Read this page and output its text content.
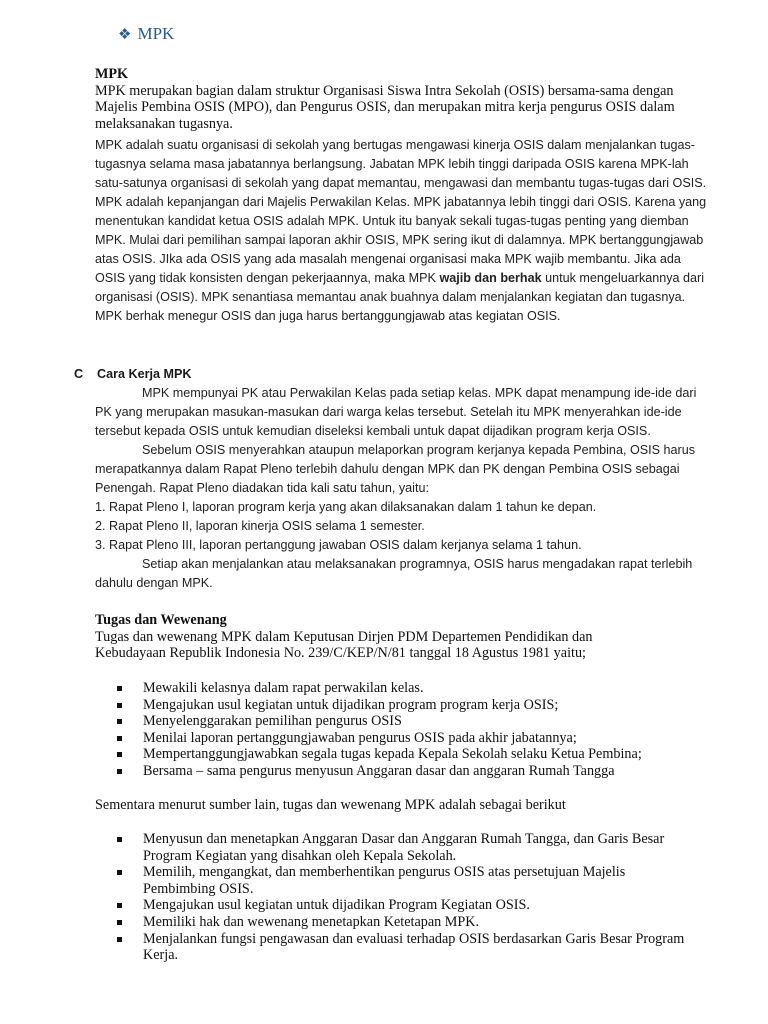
❖ MPK

MPK

MPK merupakan bagian dalam struktur Organisasi Siswa Intra Sekolah (OSIS) bersama-sama dengan Majelis Pembina OSIS (MPO), dan Pengurus OSIS, dan merupakan mitra kerja pengurus OSIS dalam melaksanakan tugasnya.

MPK adalah suatu organisasi di sekolah yang bertugas mengawasi kinerja OSIS dalam menjalankan tugas-tugasnya selama masa jabatannya berlangsung. Jabatan MPK lebih tinggi daripada OSIS karena MPK-lah satu-satunya organisasi di sekolah yang dapat memantau, mengawasi dan membantu tugas-tugas dari OSIS.

MPK adalah kepanjangan dari Majelis Perwakilan Kelas. MPK jabatannya lebih tinggi dari OSIS. Karena yang menentukan kandidat ketua OSIS adalah MPK. Untuk itu banyak sekali tugas-tugas penting yang diemban MPK. Mulai dari pemilihan sampai laporan akhir OSIS, MPK sering ikut di dalamnya. MPK bertanggungjawab atas OSIS. JIka ada OSIS yang ada masalah mengenai organisasi maka MPK wajib membantu. Jika ada OSIS yang tidak konsisten dengan pekerjaannya, maka MPK wajib dan berhak untuk mengeluarkannya dari organisasi (OSIS). MPK senantiasa memantau anak buahnya dalam menjalankan kegiatan dan tugasnya. MPK berhak menegur OSIS dan juga harus bertanggungjawab atas kegiatan OSIS.

C Cara Kerja MPK

MPK mempunyai PK atau Perwakilan Kelas pada setiap kelas. MPK dapat menampung ide-ide dari PK yang merupakan masukan-masukan dari warga kelas tersebut. Setelah itu MPK menyerahkan ide-ide tersebut kepada OSIS untuk kemudian diseleksi kembali untuk dapat dijadikan program kerja OSIS.

Sebelum OSIS menyerahkan ataupun melaporkan program kerjanya kepada Pembina, OSIS harus merapatkannya dalam Rapat Pleno terlebih dahulu dengan MPK dan PK dengan Pembina OSIS sebagai Penengah. Rapat Pleno diadakan tida kali satu tahun, yaitu:

1. Rapat Pleno I, laporan program kerja yang akan dilaksanakan dalam 1 tahun ke depan.

2. Rapat Pleno II, laporan kinerja OSIS selama 1 semester.

3. Rapat Pleno III, laporan pertanggung jawaban OSIS dalam kerjanya selama 1 tahun.

Setiap akan menjalankan atau melaksanakan programnya, OSIS harus mengadakan rapat terlebih dahulu dengan MPK.

Tugas dan Wewenang

Tugas dan wewenang MPK dalam Keputusan Dirjen PDM Departemen Pendidikan dan Kebudayaan Republik Indonesia No. 239/C/KEP/N/81 tanggal 18 Agustus 1981 yaitu;

Mewakili kelasnya dalam rapat perwakilan kelas.
Mengajukan usul kegiatan untuk dijadikan program program kerja OSIS;
Menyelenggarakan pemilihan pengurus OSIS
Menilai laporan pertanggungjawaban pengurus OSIS pada akhir jabatannya;
Mempertanggungjawabkan segala tugas kepada Kepala Sekolah selaku Ketua Pembina;
Bersama – sama pengurus menyusun Anggaran dasar dan anggaran Rumah Tangga

Sementara menurut sumber lain, tugas dan wewenang MPK adalah sebagai berikut

Menyusun dan menetapkan Anggaran Dasar dan Anggaran Rumah Tangga, dan Garis Besar Program Kegiatan yang disahkan oleh Kepala Sekolah.
Memilih, mengangkat, dan memberhentikan pengurus OSIS atas persetujuan Majelis Pembimbing OSIS.
Mengajukan usul kegiatan untuk dijadikan Program Kegiatan OSIS.
Memiliki hak dan wewenang menetapkan Ketetapan MPK.
Menjalankan fungsi pengawasan dan evaluasi terhadap OSIS berdasarkan Garis Besar Program Kerja.
